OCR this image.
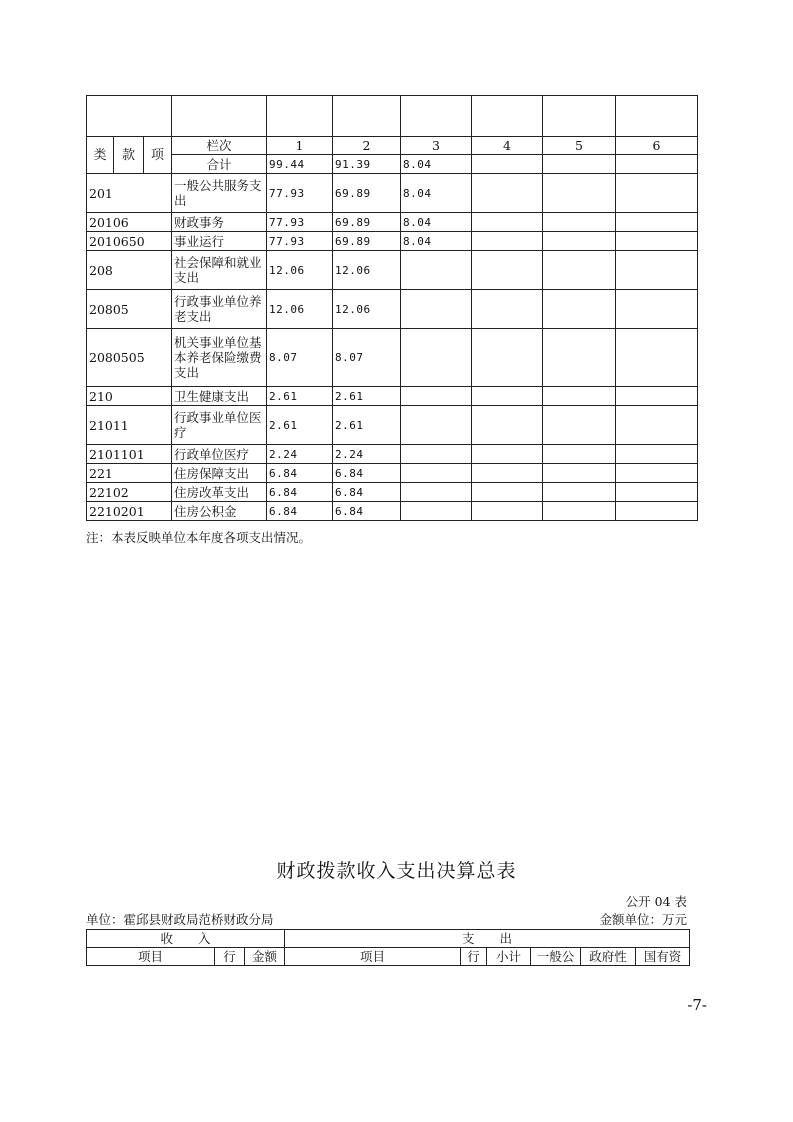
类	款	项	栏次	1	2	3	4	5	6
			合计	99.44	91.39	8.04			
201			一般公共服务支出	77.93	69.89	8.04			
20106			财政事务	77.93	69.89	8.04			
2010650			事业运行	77.93	69.89	8.04			
208			社会保障和就业支出	12.06	12.06				
20805			行政事业单位养老支出	12.06	12.06				
2080505			机关事业单位基本养老保险缴费支出	8.07	8.07				
210			卫生健康支出	2.61	2.61				
21011			行政事业单位医疗	2.61	2.61				
2101101			行政单位医疗	2.24	2.24				
221			住房保障支出	6.84	6.84				
22102			住房改革支出	6.84	6.84				
2210201			住房公积金	6.84	6.84				
注：本表反映单位本年度各项支出情况。
财政拨款收入支出决算总表
公开 04 表
单位：霍邱县财政局范桥财政分局	金额单位：万元
收　　入			支　　出					
项目	行	金额	项目	行	小计	一般公	政府性	国有资
-7-
